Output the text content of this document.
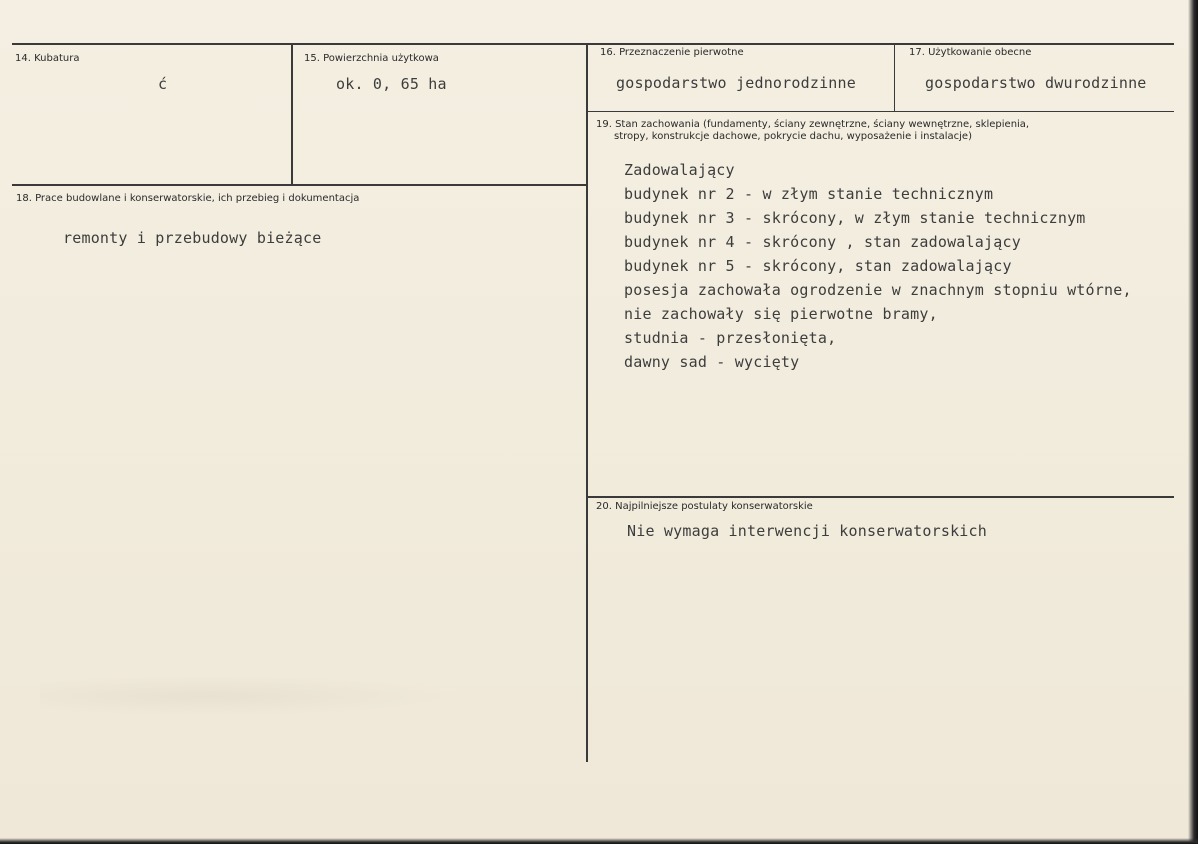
14. Kubatura
ć
15. Powierzchnia użytkowa
ok. 0, 65 ha
16. Przeznaczenie pierwotne
gospodarstwo jednorodzinne
17. Użytkowanie obecne
gospodarstwo dwurodzinne
18. Prace budowlane i konserwatorskie, ich przebieg i dokumentacja
remonty i przebudowy bieżące
19. Stan zachowania (fundamenty, ściany zewnętrzne, ściany wewnętrzne, sklepienia,
stropy, konstrukcje dachowe, pokrycie dachu, wyposażenie i instalacje)
Zadowalający
budynek nr 2 - w złym stanie technicznym
budynek nr 3 - skrócony, w złym stanie technicznym
budynek nr 4 - skrócony , stan zadowalający
budynek nr 5 - skrócony, stan zadowalający
posesja zachowała ogrodzenie w znachnym stopniu wtórne,
nie zachowały się pierwotne bramy,
studnia - przesłonięta,
dawny sad - wycięty
20. Najpilniejsze postulaty konserwatorskie
Nie wymaga interwencji konserwatorskich
